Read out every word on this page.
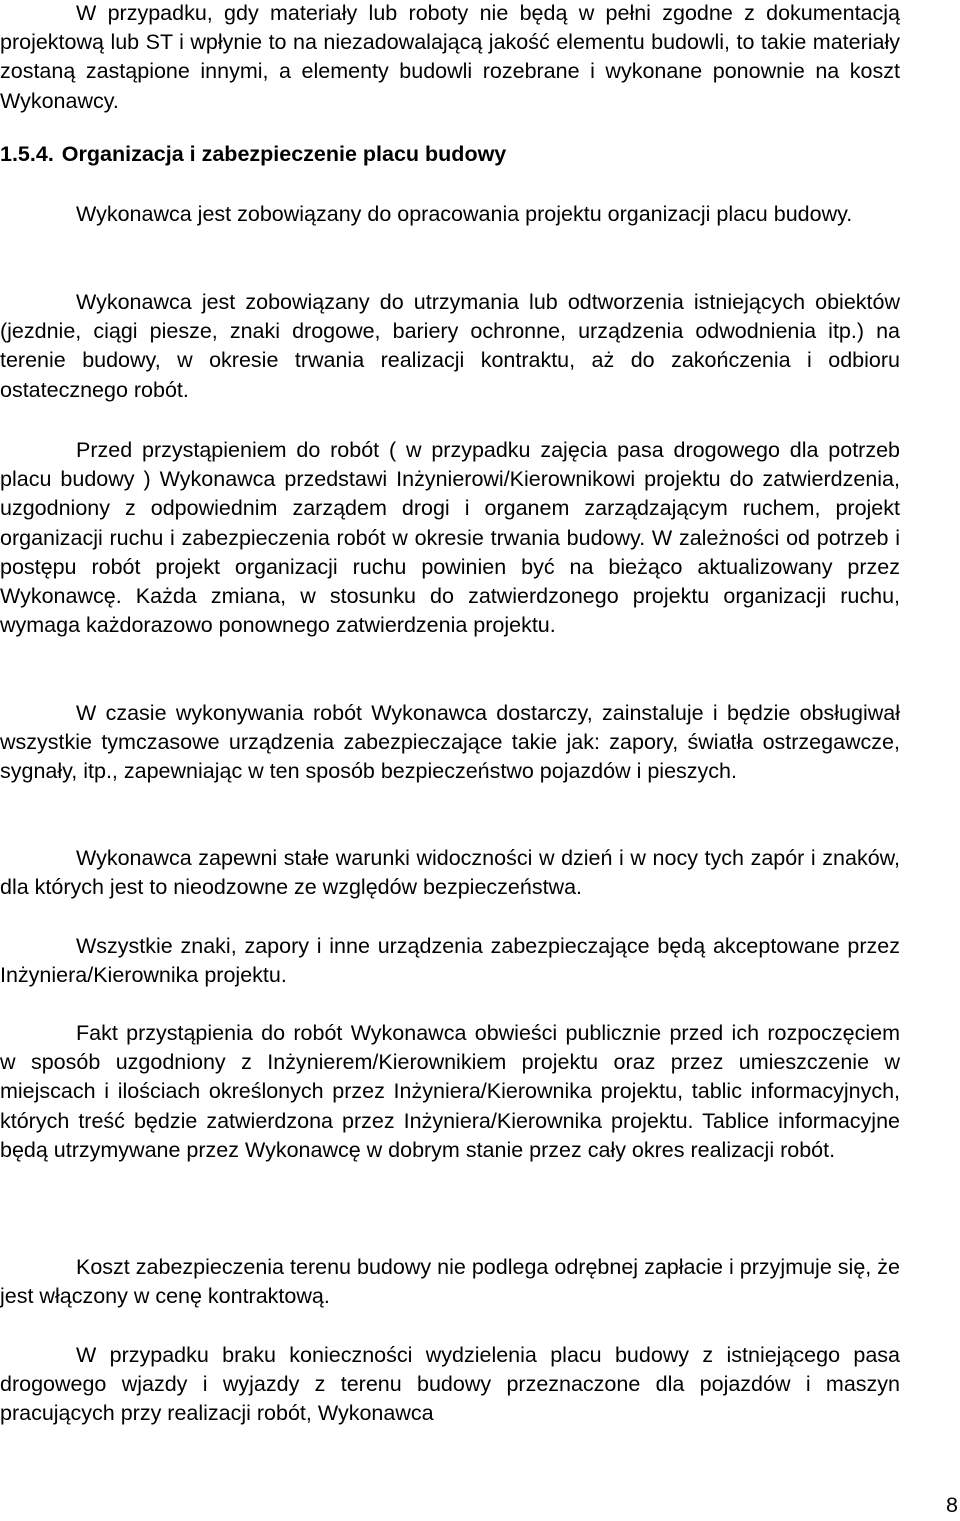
W przypadku, gdy materiały lub roboty nie będą w pełni zgodne z dokumentacją projektową lub ST i wpłynie to na niezadowalającą jakość elementu budowli, to takie materiały zostaną zastąpione innymi, a elementy budowli rozebrane i wykonane ponownie na koszt Wykonawcy.

1.5.4. Organizacja i zabezpieczenie placu budowy

Wykonawca jest zobowiązany do opracowania projektu organizacji placu budowy.

Wykonawca jest zobowiązany do utrzymania lub odtworzenia istniejących obiektów (jezdnie, ciągi piesze, znaki drogowe, bariery ochronne, urządzenia odwodnienia itp.) na terenie budowy, w okresie trwania realizacji kontraktu, aż do zakończenia i odbioru ostatecznego robót.

Przed przystąpieniem do robót ( w przypadku zajęcia pasa drogowego dla potrzeb placu budowy ) Wykonawca przedstawi Inżynierowi/Kierownikowi projektu do zatwierdzenia, uzgodniony z odpowiednim zarządem drogi i organem zarządzającym ruchem, projekt organizacji ruchu i zabezpieczenia robót w okresie trwania budowy. W zależności od potrzeb i postępu robót projekt organizacji ruchu powinien być na bieżąco aktualizowany przez Wykonawcę. Każda zmiana, w stosunku do zatwierdzonego projektu organizacji ruchu, wymaga każdorazowo ponownego zatwierdzenia projektu.

W czasie wykonywania robót Wykonawca dostarczy, zainstaluje i będzie obsługiwał wszystkie tymczasowe urządzenia zabezpieczające takie jak: zapory, światła ostrzegawcze, sygnały, itp., zapewniając w ten sposób bezpieczeństwo pojazdów i pieszych.

Wykonawca zapewni stałe warunki widoczności w dzień i w nocy tych zapór i znaków, dla których jest to nieodzowne ze względów bezpieczeństwa.

Wszystkie znaki, zapory i inne urządzenia zabezpieczające będą akceptowane przez Inżyniera/Kierownika projektu.

Fakt przystąpienia do robót Wykonawca obwieści publicznie przed ich rozpoczęciem w sposób uzgodniony z Inżynierem/Kierownikiem projektu oraz przez umieszczenie w miejscach i ilościach określonych przez Inżyniera/Kierownika projektu, tablic informacyjnych, których treść będzie zatwierdzona przez Inżyniera/Kierownika projektu. Tablice informacyjne będą utrzymywane przez Wykonawcę w dobrym stanie przez cały okres realizacji robót.

Koszt zabezpieczenia terenu budowy nie podlega odrębnej zapłacie i przyjmuje się, że jest włączony w cenę kontraktową.

W przypadku braku konieczności wydzielenia placu budowy z istniejącego pasa drogowego wjazdy i wyjazdy z terenu budowy przeznaczone dla pojazdów i maszyn pracujących przy realizacji robót, Wykonawca

8
